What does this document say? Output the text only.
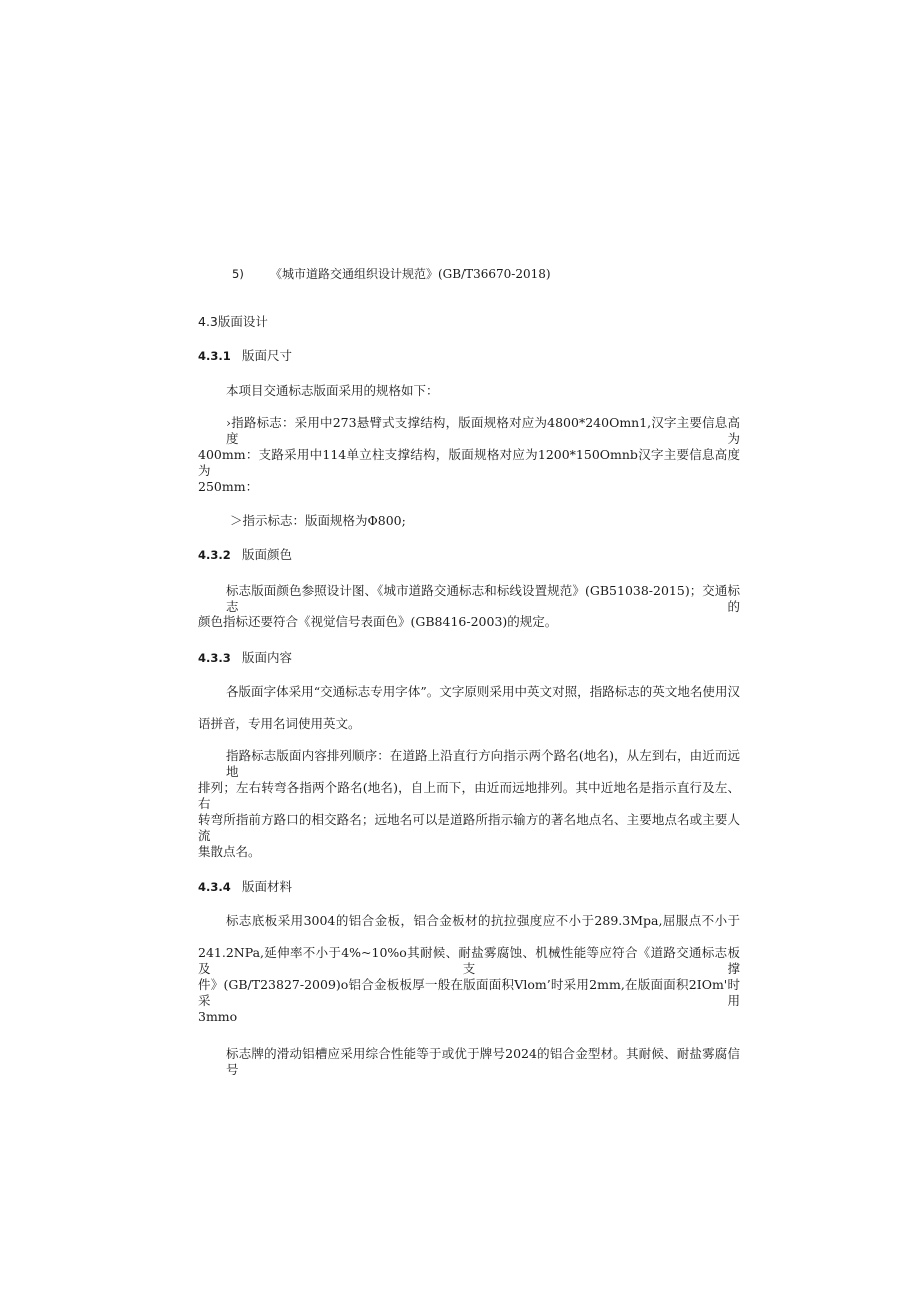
5) 《城市道路交通组织设计规范》(GB/T36670-2018)
4.3版面设计
4.3.1 版面尺寸
本项目交通标志版面采用的规格如下：
›指路标志：采用中273悬臂式支撑结构，版面规格对应为4800*240Omn1,汉字主要信息高度为
400mm：支路采用中114单立柱支撑结构，版面规格对应为1200*150Omnb汉字主要信息高度为
250mm：
＞指示标志：版面规格为Φ800;
4.3.2 版面颜色
标志版面颜色参照设计图、《城市道路交通标志和标线设置规范》(GB51038-2015)；交通标志的
颜色指标还要符合《视觉信号表面色》(GB8416-2003)的规定。
4.3.3 版面内容
各版面字体采用“交通标志专用字体”。文字原则采用中英文对照，指路标志的英文地名使用汉
语拼音，专用名词使用英文。
指路标志版面内容排列顺序：在道路上沿直行方向指示两个路名(地名)，从左到右，由近而远地
排列；左右转弯各指两个路名(地名)，自上而下，由近而远地排列。其中近地名是指示直行及左、右
转弯所指前方路口的相交路名；远地名可以是道路所指示输方的著名地点名、主要地点名或主要人流
集散点名。
4.3.4 版面材料
标志底板采用3004的铝合金板，铝合金板材的抗拉强度应不小于289.3Mpa,屈服点不小于
241.2NPa,延伸率不小于4%~10%o其耐候、耐盐雾腐蚀、机械性能等应符合《道路交通标志板及支撑
件》(GB/T23827-2009)o铝合金板板厚一般在版面面积Vlom’时采用2mm,在版面面积2IOm'时采用
3mmo
标志牌的滑动铝槽应采用综合性能等于或优于牌号2024的铝合金型材。其耐候、耐盐雾腐信号
